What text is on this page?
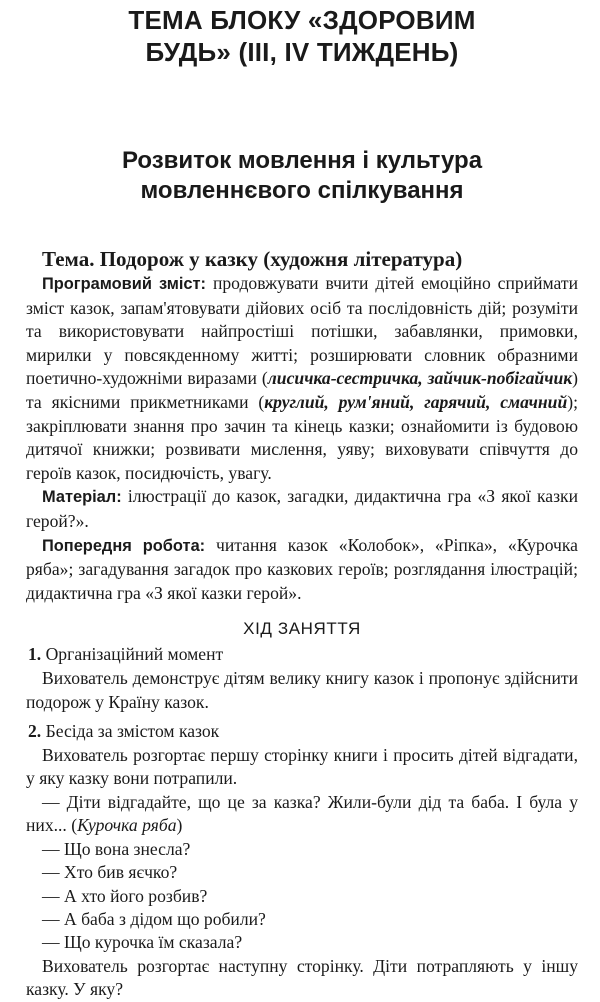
ТЕМА БЛОКУ «ЗДОРОВИМ
БУДЬ» (III, IV ТИЖДЕНЬ)
Розвиток мовлення і культура
мовленнєвого спілкування
Тема. Подорож у казку (художня література)

Програмовий зміст: продовжувати вчити дітей емоційно сприймати зміст казок, запам'ятовувати дійових осіб та послідовність дій; розуміти та використовувати найпростіші потішки, забавлянки, примовки, мирилки у повсякденному житті; розширювати словник образними поетично-художніми виразами (лисичка-сестричка, зайчик-побігайчик) та якісними прикметниками (круглий, рум'яний, гарячий, смачний); закріплювати знання про зачин та кінець казки; ознайомити із будовою дитячої книжки; розвивати мислення, уяву; виховувати співчуття до героїв казок, посидючість, увагу.

Матеріал: ілюстрації до казок, загадки, дидактична гра «З якої казки герой?».

Попередня робота: читання казок «Колобок», «Ріпка», «Курочка ряба»; загадування загадок про казкових героїв; розглядання ілюстрацій; дидактична гра «З якої казки герой».

ХІД ЗАНЯТТЯ

1. Організаційний момент

Вихователь демонструє дітям велику книгу казок і пропонує здійснити подорож у Країну казок.

2. Бесіда за змістом казок

Вихователь розгортає першу сторінку книги і просить дітей відгадати, у яку казку вони потрапили.

— Діти відгадайте, що це за казка? Жили-були дід та баба. І була у них... (Курочка ряба)

— Що вона знесла?

— Хто бив яєчко?

— А хто його розбив?

— А баба з дідом що робили?

— Що курочка їм сказала?

Вихователь розгортає наступну сторінку. Діти потрапляють у іншу казку. У яку?
